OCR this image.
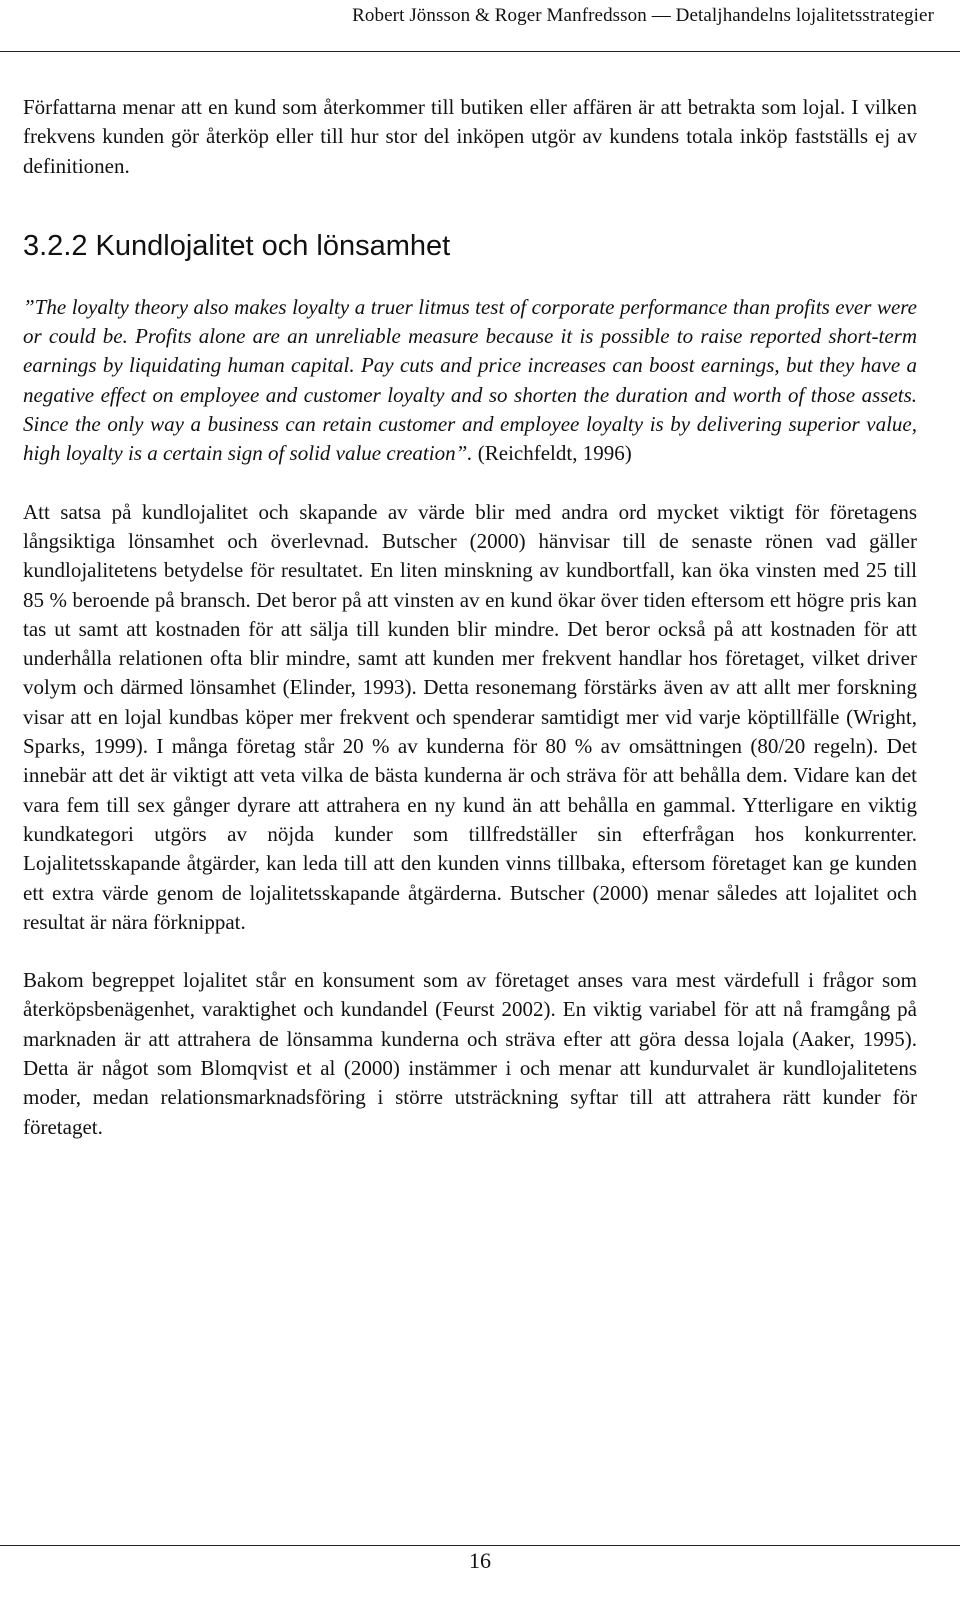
Robert Jönsson & Roger Manfredsson — Detaljhandelns lojalitetsstrategier

Författarna menar att en kund som återkommer till butiken eller affären är att betrakta som lojal. I vilken frekvens kunden gör återköp eller till hur stor del inköpen utgör av kundens totala inköp fastställs ej av definitionen.

3.2.2 Kundlojalitet och lönsamhet

”The loyalty theory also makes loyalty a truer litmus test of corporate performance than profits ever were or could be. Profits alone are an unreliable measure because it is possible to raise reported short-term earnings by liquidating human capital. Pay cuts and price increases can boost earnings, but they have a negative effect on employee and customer loyalty and so shorten the duration and worth of those assets. Since the only way a business can retain customer and employee loyalty is by delivering superior value, high loyalty is a certain sign of solid value creation”. (Reichfeldt, 1996)

Att satsa på kundlojalitet och skapande av värde blir med andra ord mycket viktigt för företagens långsiktiga lönsamhet och överlevnad. Butscher (2000) hänvisar till de senaste rönen vad gäller kundlojalitetens betydelse för resultatet. En liten minskning av kundbortfall, kan öka vinsten med 25 till 85 % beroende på bransch. Det beror på att vinsten av en kund ökar över tiden eftersom ett högre pris kan tas ut samt att kostnaden för att sälja till kunden blir mindre. Det beror också på att kostnaden för att underhålla relationen ofta blir mindre, samt att kunden mer frekvent handlar hos företaget, vilket driver volym och därmed lönsamhet (Elinder, 1993). Detta resonemang förstärks även av att allt mer forskning visar att en lojal kundbas köper mer frekvent och spenderar samtidigt mer vid varje köptillfälle (Wright, Sparks, 1999). I många företag står 20 % av kunderna för 80 % av omsättningen (80/20 regeln). Det innebär att det är viktigt att veta vilka de bästa kunderna är och sträva för att behålla dem. Vidare kan det vara fem till sex gånger dyrare att attrahera en ny kund än att behålla en gammal. Ytterligare en viktig kundkategori utgörs av nöjda kunder som tillfredställer sin efterfrågan hos konkurrenter. Lojalitetsskapande åtgärder, kan leda till att den kunden vinns tillbaka, eftersom företaget kan ge kunden ett extra värde genom de lojalitetsskapande åtgärderna. Butscher (2000) menar således att lojalitet och resultat är nära förknippat.

Bakom begreppet lojalitet står en konsument som av företaget anses vara mest värdefull i frågor som återköpsbenägenhet, varaktighet och kundandel (Feurst 2002). En viktig variabel för att nå framgång på marknaden är att attrahera de lönsamma kunderna och sträva efter att göra dessa lojala (Aaker, 1995). Detta är något som Blomqvist et al (2000) instämmer i och menar att kundurvalet är kundlojalitetens moder, medan relationsmarknadsföring i större utsträckning syftar till att attrahera rätt kunder för företaget.

16
